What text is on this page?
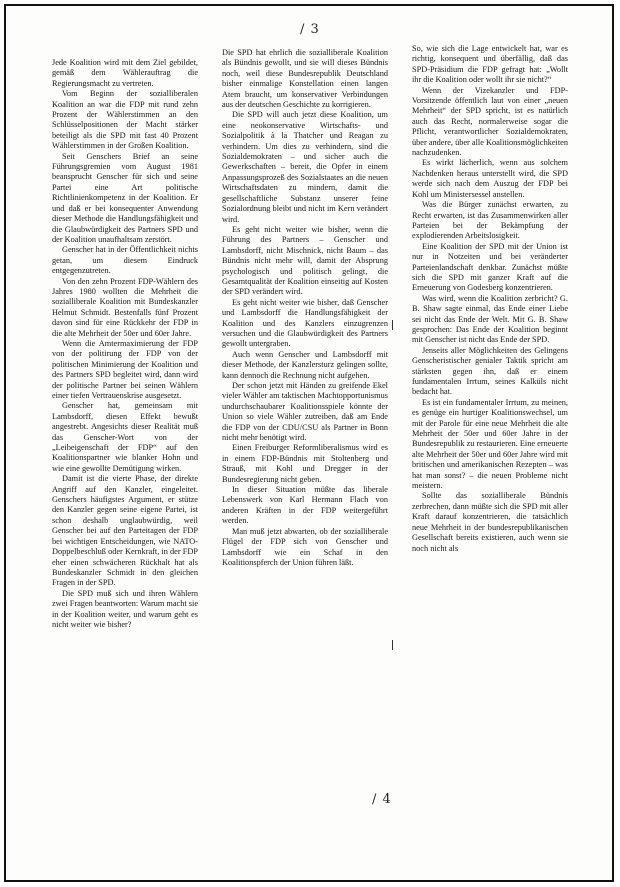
/ 3

Jede Koalition wird mit dem Ziel gebildet, gemäß dem Wählerauftrag die Regierungsmacht zu vertreten.

Vom Beginn der sozialliberalen Koalition an war die FDP mit rund zehn Prozent der Wählerstimmen an den Schlüsselpositionen der Macht stärker beteiligt als die SPD mit fast 40 Prozent Wählerstimmen in der Großen Koalition.

Seit Genschers Brief an seine Führungsgremien vom August 1981 beansprucht Genscher für sich und seine Partei eine Art politische Richtlinienkompetenz in der Koalition. Er und daß er bei konsequenter Anwendung dieser Methode die Handlungsfähigkeit und die Glaubwürdigkeit des Partners SPD und der Koalition unaufhaltsam zerstört.

Genscher hat in der Öffentlichkeit nichts getan, um diesem Eindruck entgegenzutreten.

Von den zehn Prozent FDP-Wählern des Jahres 1980 wollten die Mehrheit die sozialliberale Koalition mit Bundeskanzler Helmut Schmidt. Bestenfalls fünf Prozent davon sind für eine Rückkehr der FDP in die alte Mehrheit der 50er und 60er Jahre.

Wenn die Amtermaximierung der FDP von der politirung der FDP von der politischen Minimierung der Koalition und des Partners SPD begleitet wird, dann wird der politische Partner bei seinen Wählern einer tiefen Vertrauenskrise ausgesetzt.

Genscher hat, gemeinsam mit Lambsdorff, diesen Effekt bewußt angestrebt. Angesichts dieser Realität muß das Genscher-Wort von der „Leibeigenschaft der FDP“ auf den Koalitionspartner wie blanker Hohn und wie eine gewollte Demütigung wirken.

Damit ist die vierte Phase, der direkte Angriff auf den Kanzler, eingeleitet. Genschers häufigstes Argument, er stütze den Kanzler gegen seine eigene Partei, ist schon deshalb unglaubwürdig, weil Genscher bei auf den Parteitagen der FDP bei wichtigen Entscheidungen, wie NATO-Doppelbeschluß oder Kernkraft, in der FDP eher einen schwächeren Rückhalt hat als Bundeskanzler Schmidt in den gleichen Fragen in der SPD.

Die SPD muß sich und ihren Wählern zwei Fragen beantworten: Warum macht sie in der Koalition weiter, und warum geht es nicht weiter wie bisher?

Die SPD hat ehrlich die sozialliberale Koalition als Bündnis gewollt, und sie will dieses Bündnis noch, weil diese Bundesrepublik Deutschland bisher einmalige Konstellation einen langen Atem braucht, um konservativer Verbindungen aus der deutschen Geschichte zu korrigieren.

Die SPD will auch jetzt diese Koalition, um eine neokonservative Wirtschafts- und Sozialpolitik à la Thatcher und Reagan zu verhindern. Um dies zu verhindern, sind die Sozialdemokraten – und sicher auch die Gewerkschaften – bereit, die Opfer in einem Anpassungsprozeß des Sozialstaates an die neuen Wirtschaftsdaten zu mindern, damit die gesellschaftliche Substanz unserer feine Sozialordnung bleibt und nicht im Kern verändert wird.

Es geht nicht weiter wie bisher, wenn die Führung des Partners – Genscher und Lambsdorff, nicht Mischnick, nicht Baum – das Bündnis nicht mehr will, damit der Absprung psychologisch und politisch gelingt, die Gesamtqualität der Koalition einseitig auf Kosten der SPD verändert wird.

Es geht nicht weiter wie bisher, daß Genscher und Lambsdorff die Handlungsfähigkeit der Koalition und des Kanzlers einzugrenzen versuchen und die Glaubwürdigkeit des Partners gewollt untergraben.

Auch wenn Genscher und Lambsdorff mit dieser Methode, der Kanzlersturz gelingen sollte, kann dennoch die Rechnung nicht aufgehen.

Der schon jetzt mit Händen zu greifende Ekel vieler Wähler am taktischen Machtopportunismus undurchschaubarer Koalitionsspiele könnte der Union so viele Wähler zutreiben, daß am Ende die FDP von der CDU/CSU als Partner in Bonn nicht mehr benötigt wird.

Einen Freiburger Reformliberalismus wird es in einem FDP-Bündnis mit Stoltenberg und Strauß, mit Kohl und Dregger in der Bundesregierung nicht geben.

In dieser Situation müßte das liberale Lebenswerk von Karl Hermann Flach von anderen Kräften in der FDP weitergeführt werden.

Man muß jetzt abwarten, ob der sozialliberale Flügel der FDP sich von Genscher und Lambsdorff wie ein Schaf in den Koalitionspferch der Union führen läßt.

So, wie sich die Lage entwickelt hat, war es richtig, konsequent und überfällig, daß das SPD-Präsidium die FDP gefragt hat: „Wollt ihr die Koalition oder wollt ihr sie nicht?“

Wenn der Vizekanzler und FDP-Vorsitzende öffentlich laut von einer „neuen Mehrheit“ der SPD spricht, ist es natürlich auch das Recht, normalerweise sogar die Pflicht, verantwortlicher Sozialdemokraten, über andere, über alle Koalitionsmöglichkeiten nachzudenken.

Es wirkt lächerlich, wenn aus solchem Nachdenken heraus unterstellt wird, die SPD werde sich nach dem Auszug der FDP bei Kohl um Ministersessel anstellen.

Was die Bürger zunächst erwarten, zu Recht erwarten, ist das Zusammenwirken aller Parteien bei der Bekämpfung der explodierenden Arbeitslosigkeit.

Eine Koalition der SPD mit der Union ist nur in Notzeiten und bei veränderter Parteienlandschaft denkbar. Zunächst müßte sich die SPD mit ganzer Kraft auf die Erneuerung von Godesberg konzentrieren.

Was wird, wenn die Koalition zerbricht? G. B. Shaw sagte einmal, das Ende einer Liebe sei nicht das Ende der Welt. Mit G. B. Shaw gesprochen: Das Ende der Koalition beginnt mit Genscher ist nicht das Ende der SPD.

Jenseits aller Möglichkeiten des Gelingens Genscheristischer genialer Taktik spricht am stärksten gegen ihn, daß er einem fundamentalen Irrtum, seines Kalküls nicht bedacht hat.

Es ist ein fundamentaler Irrtum, zu meinen, es genüge ein hurtiger Koalitionswechsel, um mit der Parole für eine neue Mehrheit die alte Mehrheit der 50er und 60er Jahre in der Bundesrepublik zu restaurieren. Eine erneuerte alte Mehrheit der 50er und 60er Jahre wird mit britischen und amerikanischen Rezepten – was hat man sonst? – die neuen Probleme nicht meistern.

Sollte das sozialliberale Bündnis zerbrechen, dann müßte sich die SPD mit aller Kraft darauf konzentrieren, die tatsächlich neue Mehrheit in der bundesrepublikanischen Gesellschaft bereits existieren, auch wenn sie noch nicht als

/ 4
